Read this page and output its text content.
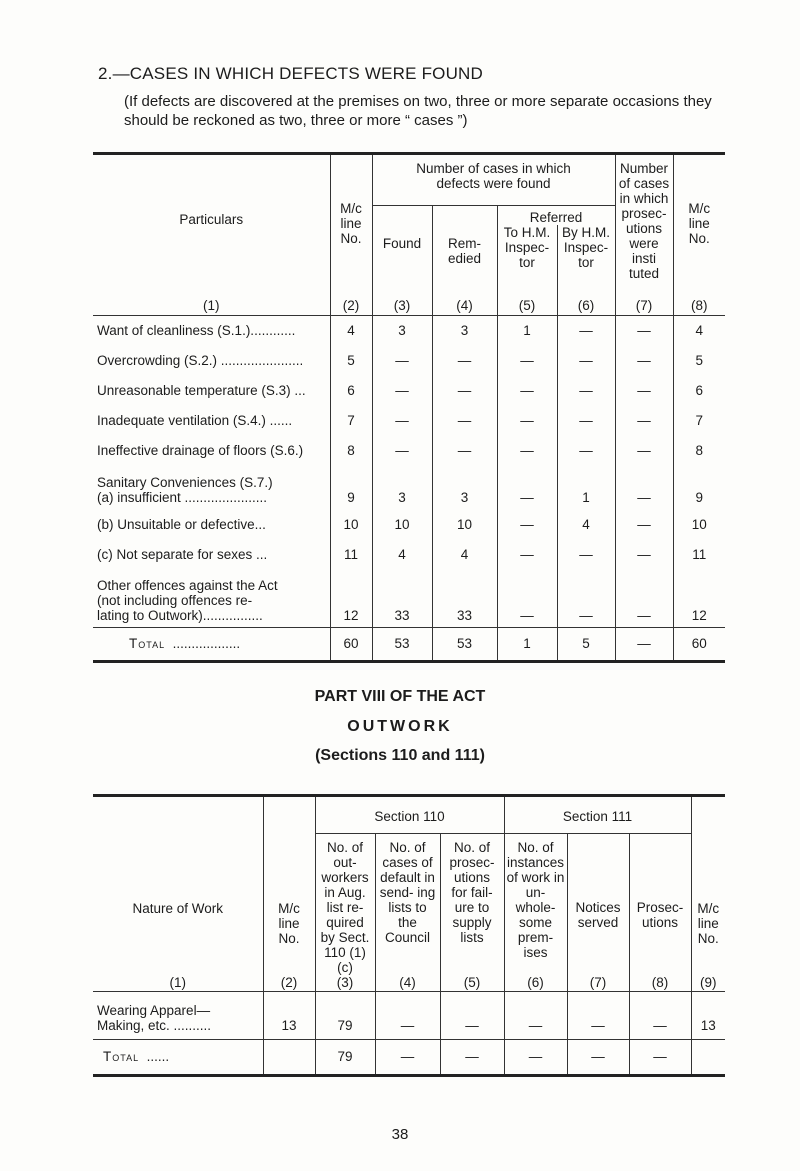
2.—CASES IN WHICH DEFECTS WERE FOUND
(If defects are discovered at the premises on two, three or more separate occasions they should be reckoned as two, three or more “ cases ”)
Particulars	M/c line No.	Number of cases in which defects were found				Number of cases in which prosec- utions were insti tuted	M/c line No.

		Found	Rem- edied	Referred			

				To H.M. Inspec- tor	By H.M. Inspec- tor		

(1)	(2)	(3)	(4)	(5)	(6)	(7)	(8)
Want of cleanliness (S.1.)............	4	3	3	1	—	—	4
Overcrowding (S.2.) ......................	5	—	—	—	—	—	5
Unreasonable temperature (S.3) ...	6	—	—	—	—	—	6
Inadequate ventilation (S.4.) ......	7	—	—	—	—	—	7
Ineffective drainage of floors (S.6.)	8	—	—	—	—	—	8

Sanitary Conveniences (S.7.)
(a) insufficient ......................	9	3	3	—	1	—	9
(b) Unsuitable or defective...	10	10	10	—	4	—	10
(c) Not separate for sexes ...	11	4	4	—	—	—	11

Other offences against the Act
(not including offences re-
lating to Outwork)................	12	33	33	—	—	—	12
Total ..................	60	53	53	1	5	—	60
PART VIII OF THE ACT
OUTWORK
(Sections 110 and 111)
Nature of Work	M/c line No.	Section 110			Section 111			M/c line No.

		No. of out- workers in Aug. list re- quired by Sect. 110 (1) (c)	No. of cases of default in send- ing lists to the Council	No. of prosec- utions for fail- ure to supply lists	No. of instances of work in un- whole- some prem- ises	Notices served	Prosec- utions	

(1)	(2)	(3)	(4)	(5)	(6)	(7)	(8)	(9)

Wearing Apparel—
Making, etc. ..........	13	79	—	—	—	—	—	13
Total ......		79	—	—	—	—	—	
38
